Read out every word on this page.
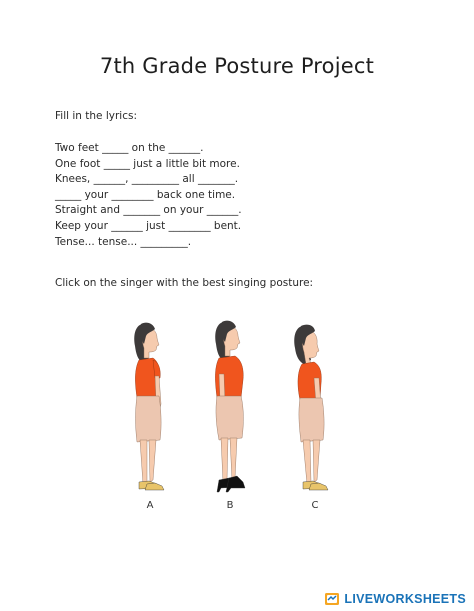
7th Grade Posture Project
Fill in the lyrics:
Two feet _____ on the ______.
One foot _____ just a little bit more.
Knees, ______, _________ all _______.
_____ your ________ back one time.
Straight and _______ on your ______.
Keep your ______ just ________ bent.
Tense... tense... _________.
Click on the singer with the best singing posture:
A	B	C
LIVEWORKSHEETS
